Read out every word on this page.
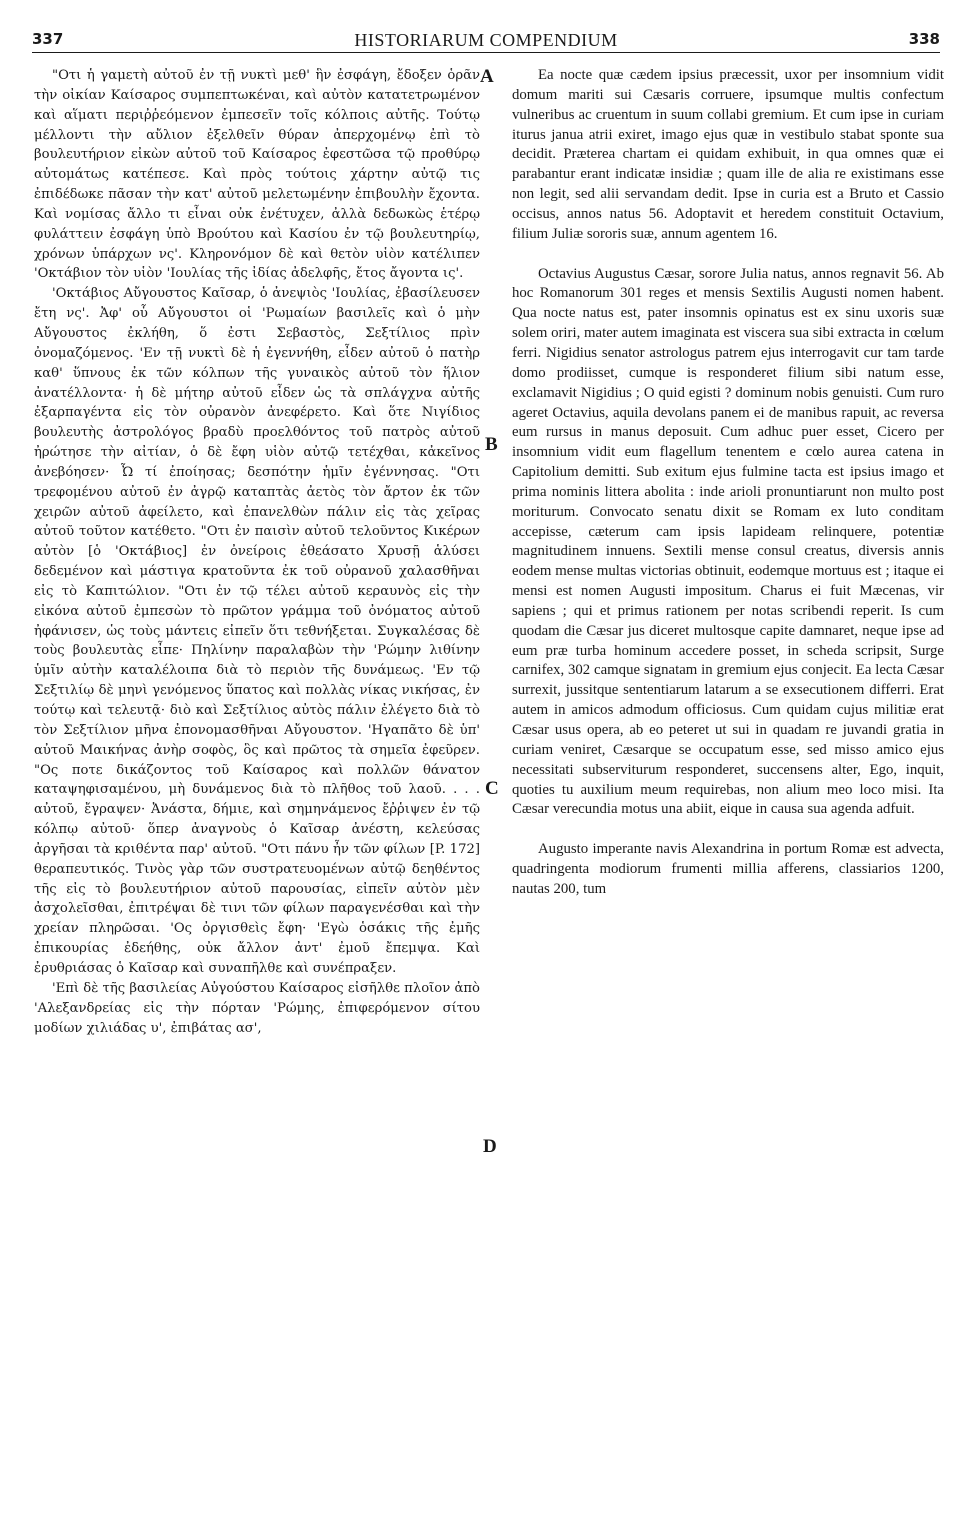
337	HISTORIARUM COMPENDIUM	338

"Οτι ἡ γαμετὴ αὐτοῦ ἐν τῇ νυκτὶ μεθ' ἣν ἐσφάγη, ἔδοξεν ὁρᾶν τὴν οἰκίαν Καίσαρος συμπεπτωκέναι, καὶ αὐτὸν κατατετρωμένον καὶ αἵματι περιῤῥεόμενον ἐμπεσεῖν τοῖς κόλποις αὐτῆς. Τούτῳ μέλλοντι τὴν αὔλιον ἐξελθεῖν θύραν ἀπερχομένῳ ἐπὶ τὸ βουλευτήριον εἰκὼν αὐτοῦ τοῦ Καίσαρος ἐφεστῶσα τῷ προθύρῳ αὐτομάτως κατέπεσε. Καὶ πρὸς τούτοις χάρτην αὐτῷ τις ἐπιδέδωκε πᾶσαν τὴν κατ' αὐτοῦ μελετωμένην ἐπιβουλὴν ἔχοντα. Καὶ νομίσας ἄλλο τι εἶναι οὐκ ἐνέτυχεν, ἀλλὰ δεδωκὼς ἑτέρῳ φυλάττειν ἐσφάγη ὑπὸ Βρούτου καὶ Κασίου ἐν τῷ βουλευτηρίῳ, χρόνων ὑπάρχων νς'. Κληρονόμον δὲ καὶ θετὸν υἱὸν κατέλιπεν 'Οκτάβιον τὸν υἱὸν 'Ιουλίας τῆς ἰδίας ἀδελφῆς, ἔτος ἄγοντα ις'.

'Οκτάβιος Αὔγουστος Καῖσαρ, ὁ ἀνεψιὸς 'Ιουλίας, ἐβασίλευσεν ἔτη νς'. Ἀφ' οὗ Αὔγουστοι οἱ 'Ρωμαίων βασιλεῖς καὶ ὁ μὴν Αὔγουστος ἐκλήθη, ὅ ἐστι Σεβαστὸς, Σεξτίλιος πρὶν ὀνομαζόμενος. 'Εν τῇ νυκτὶ δὲ ἡ ἐγεννήθη, εἶδεν αὐτοῦ ὁ πατὴρ καθ' ὕπνους ἐκ τῶν κόλπων τῆς γυναικὸς αὐτοῦ τὸν ἥλιον ἀνατέλλοντα· ἡ δὲ μήτηρ αὐτοῦ εἶδεν ὡς τὰ σπλάγχνα αὐτῆς ἐξαρπαγέντα εἰς τὸν οὐρανὸν ἀνεφέρετο. Καὶ ὅτε Νιγίδιος βουλευτὴς ἀστρολόγος βραδὺ προελθόντος τοῦ πατρὸς αὐτοῦ ἠρώτησε τὴν αἰτίαν, ὁ δὲ ἔφη υἱὸν αὐτῷ τετέχθαι, κἀκεῖνος ἀνεβόησεν· Ὦ τί ἐποίησας; δεσπότην ἡμῖν ἐγέννησας. "Οτι τρεφομένου αὐτοῦ ἐν ἀγρῷ καταπτὰς ἀετὸς τὸν ἄρτον ἐκ τῶν χειρῶν αὐτοῦ ἀφείλετο, καὶ ἐπανελθὼν πάλιν εἰς τὰς χεῖρας αὐτοῦ τοῦτον κατέθετο. "Οτι ἐν παισὶν αὐτοῦ τελοῦντος Κικέρων αὐτὸν [ὁ 'Οκτάβιος] ἐν ὀνείροις ἐθεάσατο Χρυσῇ ἁλύσει δεδεμένον καὶ μάστιγα κρατοῦντα ἐκ τοῦ οὐρανοῦ χαλασθῆναι εἰς τὸ Καπιτώλιον. "Οτι ἐν τῷ τέλει αὐτοῦ κεραυνὸς εἰς τὴν εἰκόνα αὐτοῦ ἐμπεσὼν τὸ πρῶτον γράμμα τοῦ ὀνόματος αὐτοῦ ἠφάνισεν, ὡς τοὺς μάντεις εἰπεῖν ὅτι τεθνήξεται. Συγκαλέσας δὲ τοὺς βουλευτὰς εἶπε· Πηλίνην παραλαβὼν τὴν 'Ρώμην λιθίνην ὑμῖν αὐτὴν καταλέλοιπα διὰ τὸ περιὸν τῆς δυνάμεως. 'Εν τῷ Σεξτιλίῳ δὲ μηνὶ γενόμενος ὕπατος καὶ πολλὰς νίκας νικήσας, ἐν τούτῳ καὶ τελευτᾷ· διὸ καὶ Σεξτίλιος αὐτὸς πάλιν ἐλέγετο διὰ τὸ τὸν Σεξτίλιον μῆνα ἐπονομασθῆναι Αὔγουστον. 'Ηγαπᾶτο δὲ ὑπ' αὐτοῦ Μαικήνας ἀνὴρ σοφὸς, ὃς καὶ πρῶτος τὰ σημεῖα ἐφεῦρεν. "Ος ποτε δικάζοντος τοῦ Καίσαρος καὶ πολλῶν θάνατον καταψηφισαμένου, μὴ δυνάμενος διὰ τὸ πλῆθος τοῦ λαοῦ. . . . αὐτοῦ, ἔγραψεν· Ἀνάστα, δήμιε, καὶ σημηνάμενος ἔῤῥιψεν ἐν τῷ κόλπῳ αὐτοῦ· ὅπερ ἀναγνοὺς ὁ Καῖσαρ ἀνέστη, κελεύσας ἀργῆσαι τὰ κριθέντα παρ' αὐτοῦ. "Οτι πάνυ ἦν τῶν φίλων [P. 172] θεραπευτικός. Τινὸς γὰρ τῶν συστρατευομένων αὐτῷ δεηθέντος τῆς εἰς τὸ βουλευτήριον αὐτοῦ παρουσίας, εἰπεῖν αὐτὸν μὲν ἀσχολεῖσθαι, ἐπιτρέψαι δὲ τινι τῶν φίλων παραγενέσθαι καὶ τὴν χρείαν πληρῶσαι. 'Ος ὀργισθεὶς ἔφη· 'Εγὼ ὁσάκις τῆς ἐμῆς ἐπικουρίας ἐδεήθης, οὐκ ἄλλον ἀντ' ἐμοῦ ἔπεμψα. Καὶ ἐρυθριάσας ὁ Καῖσαρ καὶ συναπῆλθε καὶ συνέπραξεν.

'Επὶ δὲ τῆς βασιλείας Αὐγούστου Καίσαρος εἰσῆλθε πλοῖον ἀπὸ 'Αλεξανδρείας εἰς τὴν πόρταν 'Ρώμης, ἐπιφερόμενον σίτου μοδίων χιλιάδας υ', ἐπιβάτας ασ',

A
B
C
D

Ea nocte quæ cædem ipsius præcessit, uxor per insomnium vidit domum mariti sui Cæsaris corruere, ipsumque multis confectum vulneribus ac cruentum in suum collabi gremium. Et cum ipse in curiam iturus janua atrii exiret, imago ejus quæ in vestibulo stabat sponte sua decidit. Præterea chartam ei quidam exhibuit, in qua omnes quæ ei parabantur erant indicatæ insidiæ ; quam ille de alia re existimans esse non legit, sed alii servandam dedit. Ipse in curia est a Bruto et Cassio occisus, annos natus 56. Adoptavit et heredem constituit Octavium, filium Juliæ sororis suæ, annum agentem 16.

Octavius Augustus Cæsar, sorore Julia natus, annos regnavit 56. Ab hoc Romanorum 301 reges et mensis Sextilis Augusti nomen habent. Qua nocte natus est, pater insomnis opinatus est ex sinu uxoris suæ solem oriri, mater autem imaginata est viscera sua sibi extracta in cœlum ferri. Nigidius senator astrologus patrem ejus interrogavit cur tam tarde domo prodiisset, cumque is responderet filium sibi natum esse, exclamavit Nigidius ; O quid egisti ? dominum nobis genuisti. Cum ruro ageret Octavius, aquila devolans panem ei de manibus rapuit, ac reversa eum rursus in manus deposuit. Cum adhuc puer esset, Cicero per insomnium vidit eum flagellum tenentem e cœlo aurea catena in Capitolium demitti. Sub exitum ejus fulmine tacta est ipsius imago et prima nominis littera abolita : inde arioli pronuntiarunt non multo post moriturum. Convocato senatu dixit se Romam ex luto conditam accepisse, cæterum cam ipsis lapideam relinquere, potentiæ magnitudinem innuens. Sextili mense consul creatus, diversis annis eodem mense multas victorias obtinuit, eodemque mortuus est ; itaque ei mensi est nomen Augusti impositum. Charus ei fuit Mæcenas, vir sapiens ; qui et primus rationem per notas scribendi reperit. Is cum quodam die Cæsar jus diceret multosque capite damnaret, neque ipse ad eum præ turba hominum accedere posset, in scheda scripsit, Surge carnifex, 302 camque signatam in gremium ejus conjecit. Ea lecta Cæsar surrexit, jussitque sententiarum latarum a se exsecutionem differri. Erat autem in amicos admodum officiosus. Cum quidam cujus militiæ erat Cæsar usus opera, ab eo peteret ut sui in quadam re juvandi gratia in curiam veniret, Cæsarque se occupatum esse, sed misso amico ejus necessitati subserviturum responderet, succensens alter, Ego, inquit, quoties tu auxilium meum requirebas, non alium meo loco misi. Ita Cæsar verecundia motus una abiit, eique in causa sua agenda adfuit.

Augusto imperante navis Alexandrina in portum Romæ est advecta, quadringenta modiorum frumenti millia afferens, classiarios 1200, nautas 200, tum
